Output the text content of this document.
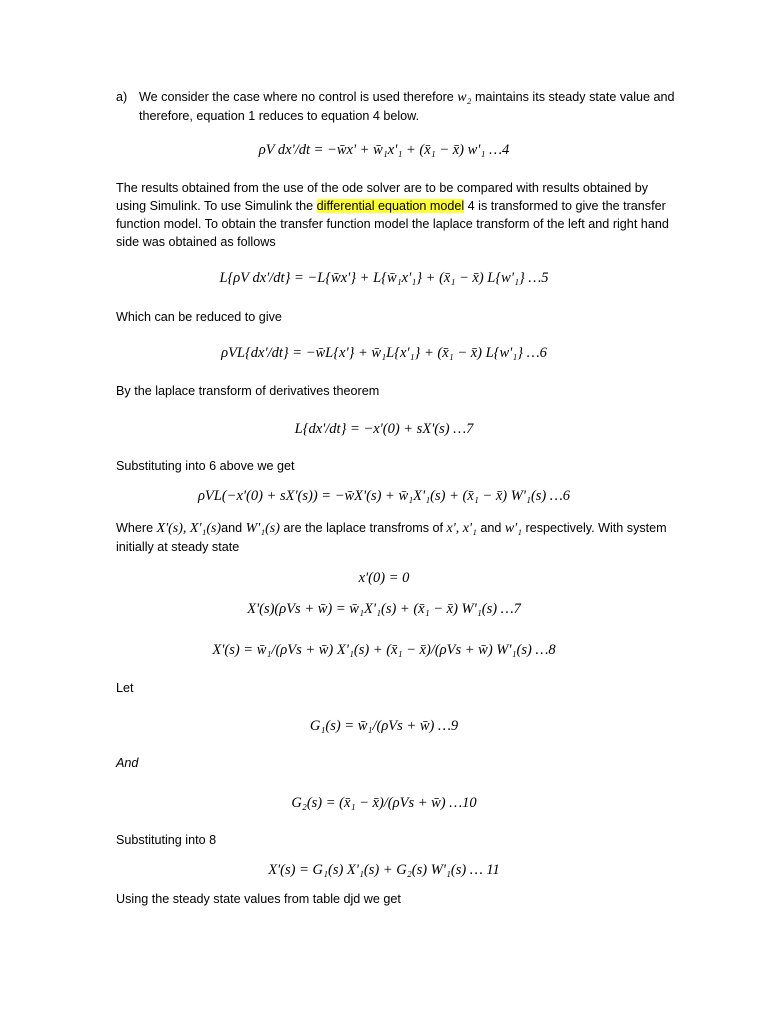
a) We consider the case where no control is used therefore w₂ maintains its steady state value and therefore, equation 1 reduces to equation 4 below.
ρV dx'/dt = −w̄x' + w̄₁x'₁ + (x̄₁ − x̄) w'₁ …4

The results obtained from the use of the ode solver are to be compared with results obtained by using Simulink. To use Simulink the differential equation model 4 is transformed to give the transfer function model. To obtain the transfer function model the laplace transform of the left and right hand side was obtained as follows

L{ρV dx'/dt} = −L{w̄x'} + L{w̄₁x'₁} + (x̄₁ − x̄) L{w'₁} …5

Which can be reduced to give

ρVL{dx'/dt} = −w̄L{x'} + w̄₁L{x'₁} + (x̄₁ − x̄) L{w'₁} …6

By the laplace transform of derivatives theorem

L{dx'/dt} = −x'(0) + sX'(s) …7

Substituting into 6 above we get

ρVL(−x'(0) + sX'(s)) = −w̄X'(s) + w̄₁X'₁(s) + (x̄₁ − x̄) W'₁(s) …6

Where X'(s), X'₁(s)and W'₁(s) are the laplace transfroms of x', x'₁ and w'₁ respectively. With system initially at steady state

x'(0) = 0
X'(s)(ρVs + w̄) = w̄₁X'₁(s) + (x̄₁ − x̄) W'₁(s) …7
X'(s) = w̄₁/(ρVs + w̄) X'₁(s) + (x̄₁ − x̄)/(ρVs + w̄) W'₁(s) …8

Let

G₁(s) = w̄₁/(ρVs + w̄) …9

And

G₂(s) = (x̄₁ − x̄)/(ρVs + w̄) …10

Substituting into 8

X'(s) = G₁(s) X'₁(s) + G₂(s) W'₁(s) … 11

Using the steady state values from table djd we get
